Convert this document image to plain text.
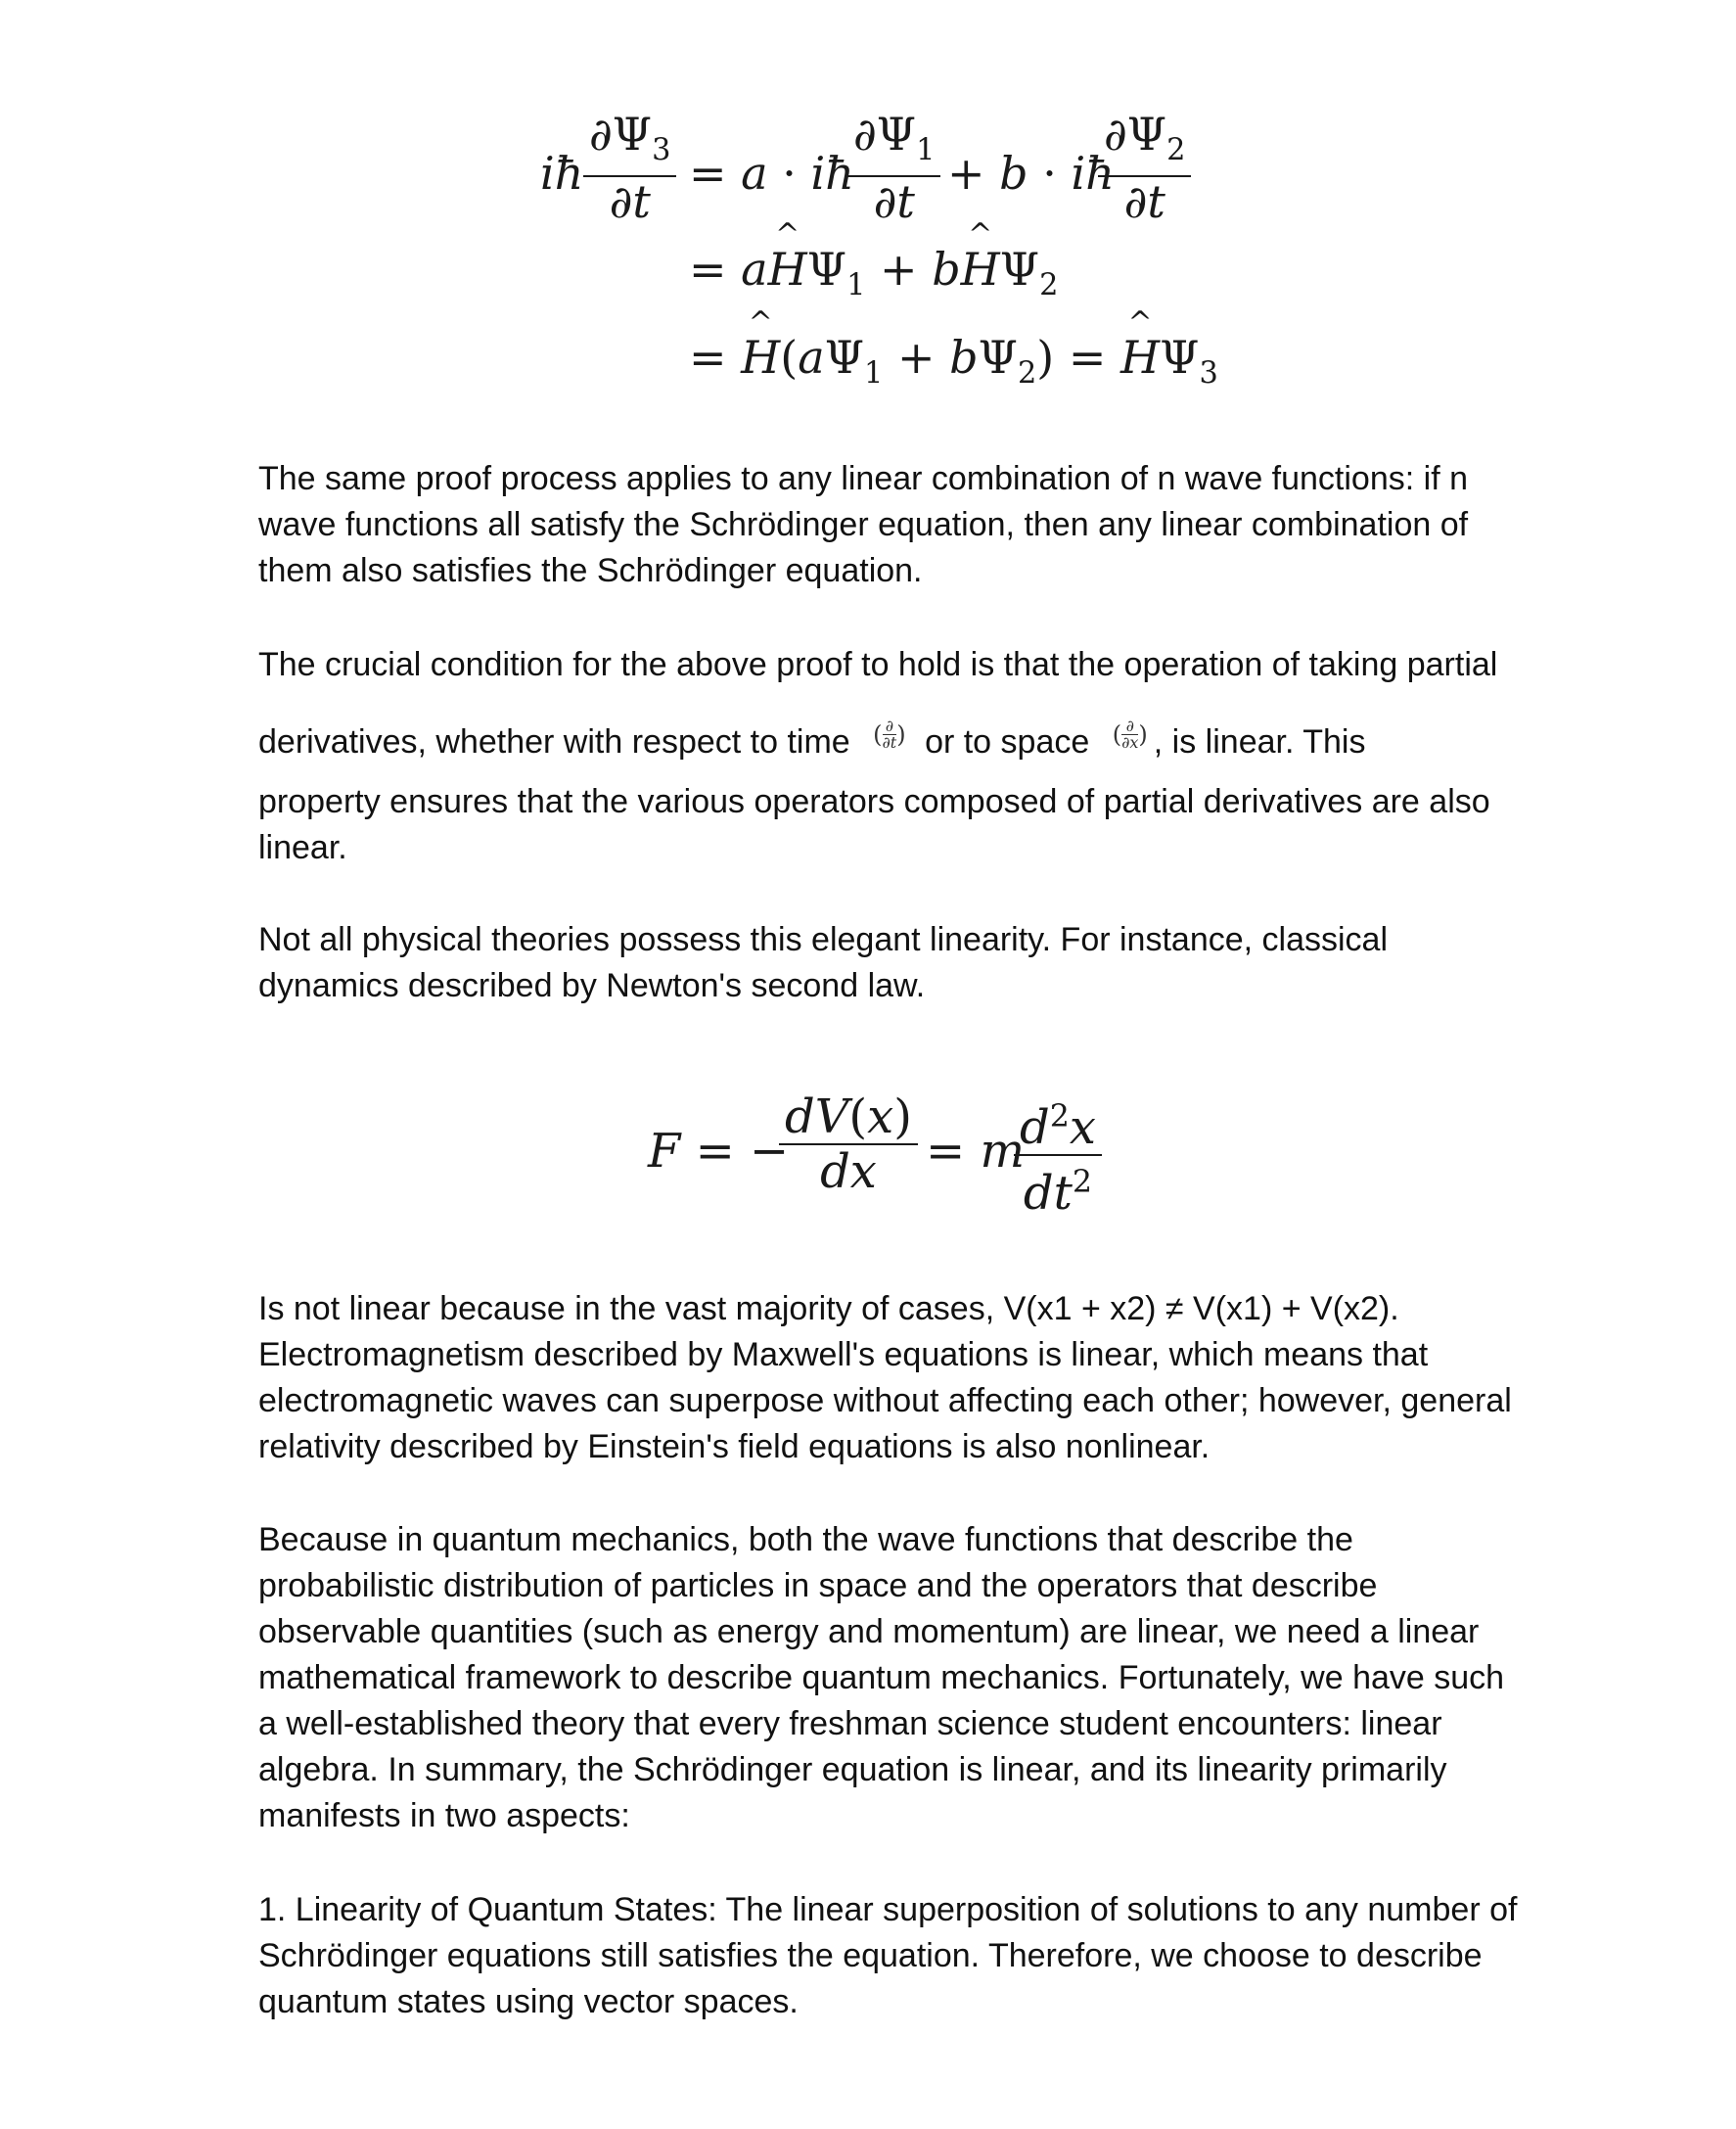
iħ
$\partial\Psi_3$
∂t
= a · iħ
$\partial\Psi_1$
∂t
+ b · iħ
$\partial\Psi_2$
∂t
= a^ $H\Psi_1$ + b^ $H\Psi_2$
= ^ $H(a\Psi_1 + b\Psi_2)$ = ^ $H\Psi_3$

The same proof process applies to any linear combination of n wave functions: if n wave functions all satisfy the Schrödinger equation, then any linear combination of them also satisfies the Schrödinger equation.

The crucial condition for the above proof to hold is that the operation of taking partial

derivatives, whether with respect to time ( ∂
∂t ) or to space ( ∂
∂x ) , is linear. This

property ensures that the various operators composed of partial derivatives are also linear.

Not all physical theories possess this elegant linearity. For instance, classical dynamics described by Newton's second law.

F = −
dV(x)
dx	= m
$d^2x$
$dt^2$

Is not linear because in the vast majority of cases, V(x1 + x2) ≠ V(x1) + V(x2). Electromagnetism described by Maxwell's equations is linear, which means that electromagnetic waves can superpose without affecting each other; however, general relativity described by Einstein's field equations is also nonlinear.

Because in quantum mechanics, both the wave functions that describe the probabilistic distribution of particles in space and the operators that describe observable quantities (such as energy and momentum) are linear, we need a linear mathematical framework to describe quantum mechanics. Fortunately, we have such a well-established theory that every freshman science student encounters: linear algebra. In summary, the Schrödinger equation is linear, and its linearity primarily manifests in two aspects:

1. Linearity of Quantum States: The linear superposition of solutions to any number of Schrödinger equations still satisfies the equation. Therefore, we choose to describe quantum states using vector spaces.
